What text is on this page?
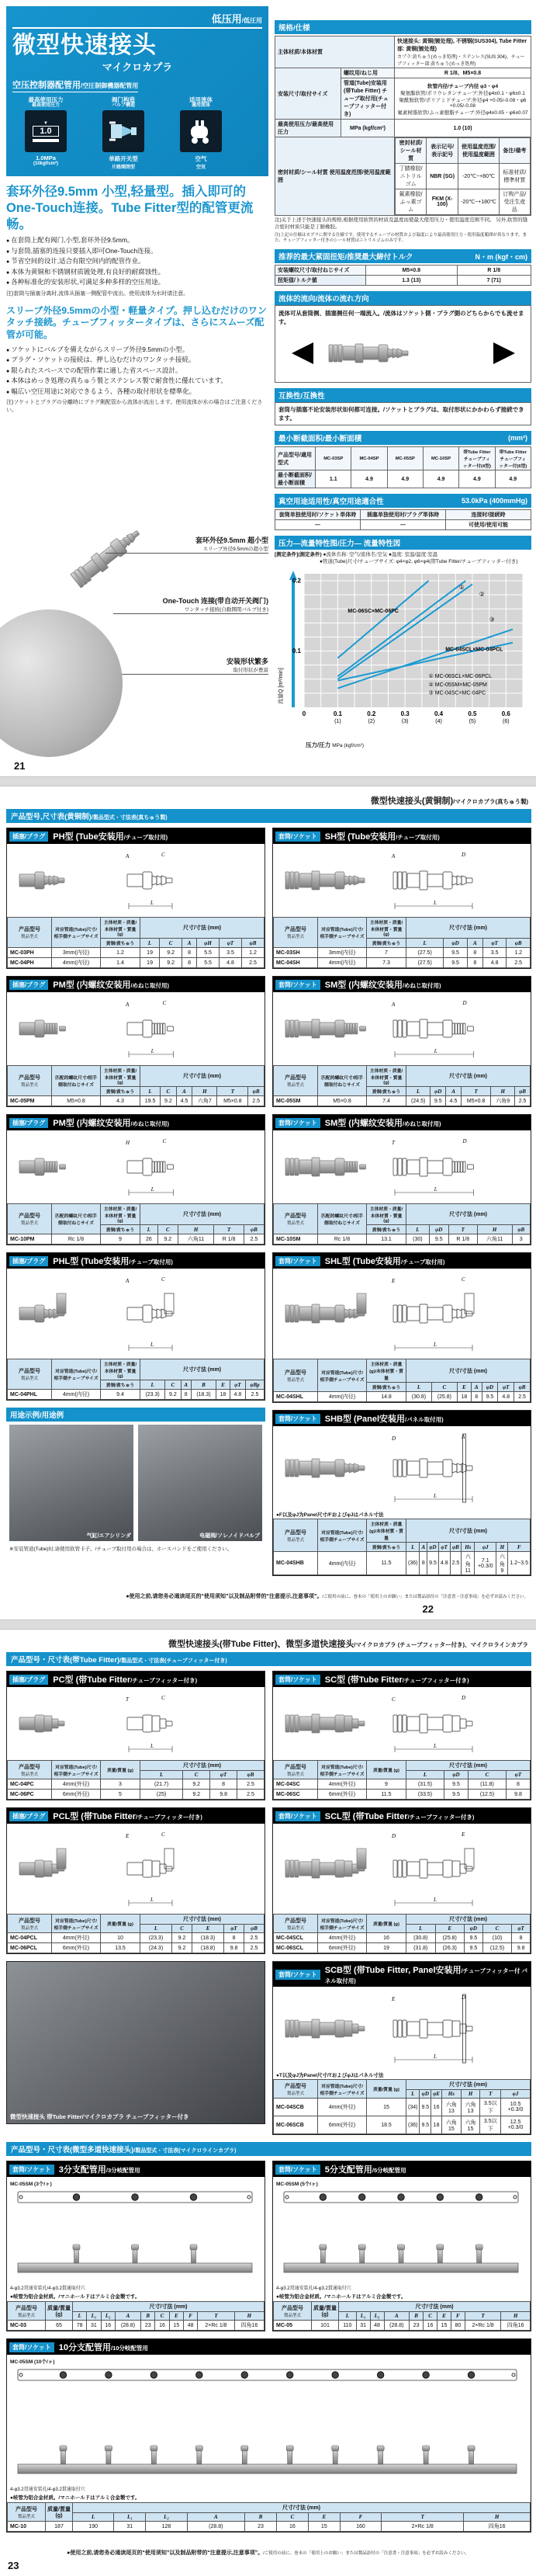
低压用/低圧用
微型快速接头
マイクロカプラ
空压控制器配管用/空圧制御機器配管用
最高使用压力
最高使用圧力
▼
1.0
1.0MPa
(10kgf/cm²)
阀门构造
バルブ構造
单路开关型
片路開閉型
适用流体
適用流体
空气
空気
套环外径9.5mm 小型,轻量型。插入即可的One-Touch连接。Tube Fitter型的配管更流畅。
● 在套筒上配有阀门,小型,套环外径9.5mm。
● 与套筒,插塞的连接只要插入即可One-Touch连接。
● 节省空间的设计,适合有限空间内的配管作业。
● 本体为黄铜和不锈钢材质镀处理,有良好的耐腐蚀性。
● 各种标准化的安装形状,可满足多种多样的空压用途。
注)套筒与插塞分离时,流体从插塞一侧配管中流出。使用流体为水时请注意。
スリーブ外径9.5mmの小型・軽量タイプ。押し込むだけのワンタッチ接続。チューブフィッタータイプは、さらにスムーズ配管が可能。
● ソケットにバルブを備えながらスリーブ外径9.5mmの小型。
● プラグ・ソケットの接続は、押し込むだけのワンタッチ接続。
● 限られたスペースでの配管作業に適した省スペース設計。
● 本体はめっき処理の真ちゅう製とステンレス製で耐食性に優れています。
● 幅広い空圧用途に対応できるよう、各種の取付形状を標準化。
注)ソケットとプラグの分離時にプラグ側配管から流体が流出します。使用流体が水の場合はご注意ください。
套环外径9.5mm 超小型
スリーブ外径9.5mmの超小型
One-Touch 连接(带自动开关阀门)
ワンタッチ接続(自動開閉バルブ付き)
安装形状繁多
取付形状が豊富
21
规格/仕様
主体材质/本体材質	
快速接头: 黄铜(镀处理), 不锈钢(SUS304), Tube Fitter 部: 黄铜(镀处理)
カプラ:黄ちゅう(めっき処理)・ステンレス(SUS 304)、チューブフィッター部:黄ちゅう(めっき処理)

安装尺寸/取付サイズ	螺纹用/ねじ用	R 1/8、M5×0.8
管道(Tube)安装用(帯Tube Fitter) チューブ取付用(チューブフィッター付き)	
软管内径/チューブ内径 φ3・φ4
聚氨酯软管/ポリウレタンチューブ:外径φ4±0.1・φ6±0.1
聚酰胺软管/ポリアミドチューブ:外径φ4 +0.05/-0.08・φ6 +0.05/-0.08
氟素树脂软管/ふっ素樹脂チューブ:外径φ4±0.05・φ6±0.07

最高使用压力/最高使用圧力	MPa (kgf/cm²)	1.0 (10)
密封材质/シール材質 使用温度范围/使用温度範囲	
密封材质/シール材質	表示记号/表示記号	使用温度范围/使用温度範囲	备注/備考
丁腈橡胶/ニトリルゴム	NBR (SG)	-20℃~+80℃	标准材质/標準材質
氟素橡胶/ふっ素ゴム	FKM (X-100)	-20℃~+180℃	订购产品/受注生産品
注)关于上述于快速接头的规格,根据使用软管的材质及温度而使最大使用压力・使用温度范围不同。 另外,软管的缝合密封材质只能是丁腈橡胶。
注)上記の仕様はカプラに関する仕様です。使用するチューブの材質および温度により最高使用圧力・使用温度範囲が異なります。また、チューブフィッター付きのシール材質はニトリルゴムのみです。
推荐的最大紧固扭矩/推奨最大締付トルク	N・m (kgf・cm)
安装螺纹尺寸/取付ねじサイズ	M5×0.8	R 1/8
扭矩值/トルク値	1.3 (13)	7 (71)
流体的流向/流体の流れ方向
流体可从套筒侧、插塞侧任何一端流入。/流体はソケット側・プラグ側のどちらからでも流せます。
互换性/互換性
套筒与插塞不论安装形状如何都可连接。/ソケットとプラグは、取付形状にかかわらず接続できます。
最小断截面积/最小断面積	(mm²)
产品型号/適用型式	MC-03SP	MC-04SP	MC-05SP	MC-10SP	帯Tube Fitter チューブフィッター付(4型)	帯Tube Fitter チューブフィッター付(6型)
最小断截面积/最小断面積	1.1	4.9	4.9	4.9	4.9	4.9
真空用途适用性/真空用途適合性	53.0kPa (400mmHg)
套筒单独使用时/ソケット単体時	插塞单独使用时/プラグ単体時	连接时/接続時
—	—	可使用/使用可能
压力—流量特性图/圧力— 流量特性図
[测定条件](測定条件) ●流体名称: 空气/流体名:空気 ●温度: 室温/温度:室温
●管道(Tube)尺寸/チューブサイズ: φ4×φ2, φ6×φ4(帯Tube Fitter/チューブフィッター付き)
0.1
0.2
0	0.1
(1)
0.2
(2)
0.3
(3)
0.4
(4)
0.5
(5)
0.6
(6)
MC-06SC×MC-06PC
①
②
③
MC-04SCL×MC-04PCL
① MC-06SCL×MC-06PCL
② MC-05SM×MC-05PM
③ MC-04SC×MC-04PC
流量Q [m³/min]
压力/圧力 MPa (kgf/cm²)
微型快速接头(黄铜制)/マイクロカプラ(真ちゅう製)
产品型号,尺寸表(黄铜制)/製品型式・寸法表(真ちゅう製)
插塞/プラグ PH型 (Tube安装用/チューブ取付用)
L
C
A
产品型号
製品型式	对应管道(Tube)尺寸/相手側チューブサイズ	主体材质・质量/本体材質・質量(g)	尺寸/寸法 (mm)					
		黄铜/黄ちゅう	L	C	A	φH	φT	φB
MC-03PH	3mm(内径)	1.2	19	9.2	8	5.5	3.5	1.2
MC-04PH	4mm(内径)	1.4	19	9.2	8	5.5	4.8	2.5
插塞/プラグ PM型 (内螺纹安装用/めねじ取付用)
L
C
A
产品型号
製品型式	匹配的螺纹尺寸/相手側取付ねじサイズ	主体材质・质量/本体材質・質量(g)	尺寸/寸法 (mm)					
		黄铜/黄ちゅう	L	C	A	H	T	φB
MC-05PM	M5×0.8	4.3	19.5	9.2	4.5	六角7	M5×0.8	2.5
插塞/プラグ PM型 (内螺纹安装用/めねじ取付用)
L
C
H
产品型号
製品型式	匹配的螺纹尺寸/相手側取付ねじサイズ	主体材质・质量/本体材質・質量(g)	尺寸/寸法 (mm)				
		黄铜/黄ちゅう	L	C	H	T	φB
MC-10PM	Rc 1/8	9	26	9.2	六角11	R 1/8	2.5
插塞/プラグ PHL型 (Tube安装用/チューブ取付用)
L
C
A
产品型号
製品型式	对应管道(Tube)尺寸/相手側チューブサイズ	主体材质・质量/本体材質・質量(g)	尺寸/寸法 (mm)						
		黄铜/黄ちゅう	L	C	A	B	E	φT	φBp
MC-04PHL	4mm(内径)	9.4	(23.3)	9.2	8	(18.3)	18	4.8	2.5
用途示例/用途例
气缸/エアシリンダ	电磁阀/ソレノイドバルブ
※安装管道(Tube)时,请使用软管卡子。/チューブ取付用の場合は、ホースバンドをご使用ください。
套筒/ソケット SH型 (Tube安装用/チューブ取付用)
L
D
A
产品型号
製品型式	对应管道(Tube)尺寸/相手側チューブサイズ	主体材质・质量/本体材質・質量(g)	尺寸/寸法 (mm)				
		黄铜/黄ちゅう	L	φD	A	φT	φB
MC-03SH	3mm(内径)	7	(27.5)	9.5	8	3.5	1.2
MC-04SH	4mm(内径)	7.3	(27.5)	9.5	8	4.8	2.5
套筒/ソケット SM型 (内螺纹安装用/めねじ取付用)
L
D
A
产品型号
製品型式	匹配的螺纹尺寸/相手側取付ねじサイズ	主体材质・质量/本体材質・質量(g)	尺寸/寸法 (mm)					
		黄铜/黄ちゅう	L	φD	A	T	H	φB
MC-05SM	M5×0.8	7.4	(24.5)	9.5	4.5	M5×0.8	六角9	2.5
套筒/ソケット SM型 (内螺纹安装用/めねじ取付用)
L
D
T
产品型号
製品型式	匹配的螺纹尺寸/相手側取付ねじサイズ	主体材质・质量/本体材質・質量(g)	尺寸/寸法 (mm)				
		黄铜/黄ちゅう	L	φD	T	H	φB
MC-10SM	Rc 1/8	13.1	(30)	9.5	R 1/8	六角11	3
套筒/ソケット SHL型 (Tube安装用/チューブ取付用)
L
C
E
产品型号
製品型式	对应管道(Tube)尺寸/相手側チューブサイズ	主体材质・质量 (g)/本体材質・質量	尺寸/寸法 (mm)						
		黄铜/黄ちゅう	L	C	E	A	φD	φT	φB
MC-04SHL	4mm(内径)	14.8	(30.8)	(25.8)	18	8	9.5	4.8	2.5
套筒/ソケット SHB型 (Panel安装用/パネル取付用)
L
A
D
●F以及φJ为Panel尺寸/FおよびφJはパネル寸法
产品型号
製品型式	对应管道(Tube)尺寸/相手側チューブサイズ	主体材质・质量(g)/本体材質・質量	尺寸/寸法 (mm)								
		黄铜/黄ちゅう	L	A	φD	φT	φB	Hs	φJ	H	F
MC-04SHB	4mm(内径)	11.5	(36)	8	9.5	4.8	2.5	六角11	7.1 +0.3/0	六角9	1.2~3.5
●使用之前,请您务必通读尾页的“使用须知”以及制品附带的“注意提示,注意事项”。/ご使用の前に、巻末の「使用上のお願い」または製品添付の「注意書・注意事項」を必ずお読みください。
22
微型快速接头(帯Tube Fitter)、微型多道快速接头/マイクロカプラ (チューブフィッター付き)、マイクロラインカプラ
产品型号・尺寸表(帯Tube Fitter)/製品型式・寸法表(チューブフィッター付き)
插塞/プラグ PC型 (帯Tube Fitter/チューブフィッター付き)
L
C
T
产品型号
製品型式	对应管道(Tube)尺寸/相手側チューブサイズ	质量/質量 (g)	尺寸/寸法 (mm)			
			L	C	φT	φB
MC-04PC	4mm(外径)	3	(21.7)	9.2	8	2.5
MC-06PC	6mm(外径)	5	(25)	9.2	9.8	2.5
插塞/プラグ PCL型 (帯Tube Fitter/チューブフィッター付き)
L
C
E
产品型号
製品型式	对应管道(Tube)尺寸/相手側チューブサイズ	质量/質量 (g)	尺寸/寸法 (mm)				
			L	C	E	φT	φB
MC-04PCL	4mm(外径)	10	(23.3)	9.2	(18.3)	8	2.5
MC-06PCL	6mm(外径)	13.5	(24.3)	9.2	(18.8)	9.8	2.5
微型快速接头 帯Tube Fitter/マイクロカプラ チューブフィッター付き
套筒/ソケット SC型 (帯Tube Fitter/チューブフィッター付き)
L
D
C
产品型号
製品型式	对应管道(Tube)尺寸/相手側チューブサイズ	质量/質量 (g)	尺寸/寸法 (mm)			
			L	φD	C	φT
MC-04SC	4mm(外径)	9	(31.5)	9.5	(11.8)	8
MC-06SC	6mm(外径)	11.5	(33.5)	9.5	(12.5)	9.8
套筒/ソケット SCL型 (帯Tube Fitter/チューブフィッター付き)
L
E
D
产品型号
製品型式	对应管道(Tube)尺寸/相手側チューブサイズ	质量/質量 (g)	尺寸/寸法 (mm)				
			L	E	φD	C	φT
MC-04SCL	4mm(外径)	16	(30.8)	(25.8)	9.5	(10)	8
MC-06SCL	6mm(外径)	19	(31.8)	(26.3)	9.5	(12.5)	9.8
套筒/ソケット SCB型 (帯Tube Fitter, Panel安装用/チューブフィッター付 パネル取付用)
L
D
E
●T以及φJ为Panel尺寸/TおよびφJはパネル寸法
产品型号
製品型式	对应管道(Tube)尺寸/相手側チューブサイズ	质量/質量 (g)	尺寸/寸法 (mm)						
			L	φD	φE	Hs	H	T	φJ
MC-04SCB	4mm(外径)	15	(34)	9.5	16	六角13	六角13	3.5以下	10.5 +0.3/0
MC-06SCB	6mm(外径)	18.5	(36)	9.5	18	六角15	六角15	3.5以下	12.5 +0.3/0
产品型号・尺寸表(微型多道快速接头)/製品型式・寸法表(マイクロラインカプラ)
套筒/ソケット 3分支配管用/3分岐配管用
MC-05SM (3个/ヶ)
4-φ3.2贯通安装孔/4-φ3.2貫通取付穴
●岐管为铝合金材质。/マニホールドはアルミ合金製です。
产品型号
製品型式	质量/質量
(g)	尺寸/寸法 (mm)									
		L	L₁	L₂	A	B	C	E	F	T	H
MC-03	65	78	31	16	(28.8)	23	16	15	48	2×Rc 1/8	四角16
套筒/ソケット 5分支配管用/5分岐配管用
MC-05SM (5个/ヶ)
4-φ3.2贯通安装孔/4-φ3.2貫通取付穴
●岐管为铝合金材质。/マニホールドはアルミ合金製です。
产品型号
製品型式	质量/質量
(g)	尺寸/寸法 (mm)									
		L	L₁	L₂	A	B	C	E	F	T	H
MC-05	101	110	31	48	(28.8)	23	16	15	80	2×Rc 1/8	四角16
套筒/ソケット 10分支配管用/10分岐配管用
MC-05SM (10个/ヶ)
4-φ3.2贯通安装孔/4-φ3.2貫通取付穴
●岐管为铝合金材质。/マニホールドはアルミ合金製です。
产品型号
製品型式	质量/質量
(g)	尺寸/寸法 (mm)									
		L	L₁	L₂	A	B	C	E	F	T	H
MC-10	187	190	31	128	(28.8)	23	16	15	160	2×Rc 1/8	四角16
●使用之前,请您务必通读尾页的“使用须知”以及制品附带的“注意提示,注意事项”。/ご使用の前に、巻末の「使用上のお願い」または製品添付の「注意書・注意事項」を必ずお読みください。
23
